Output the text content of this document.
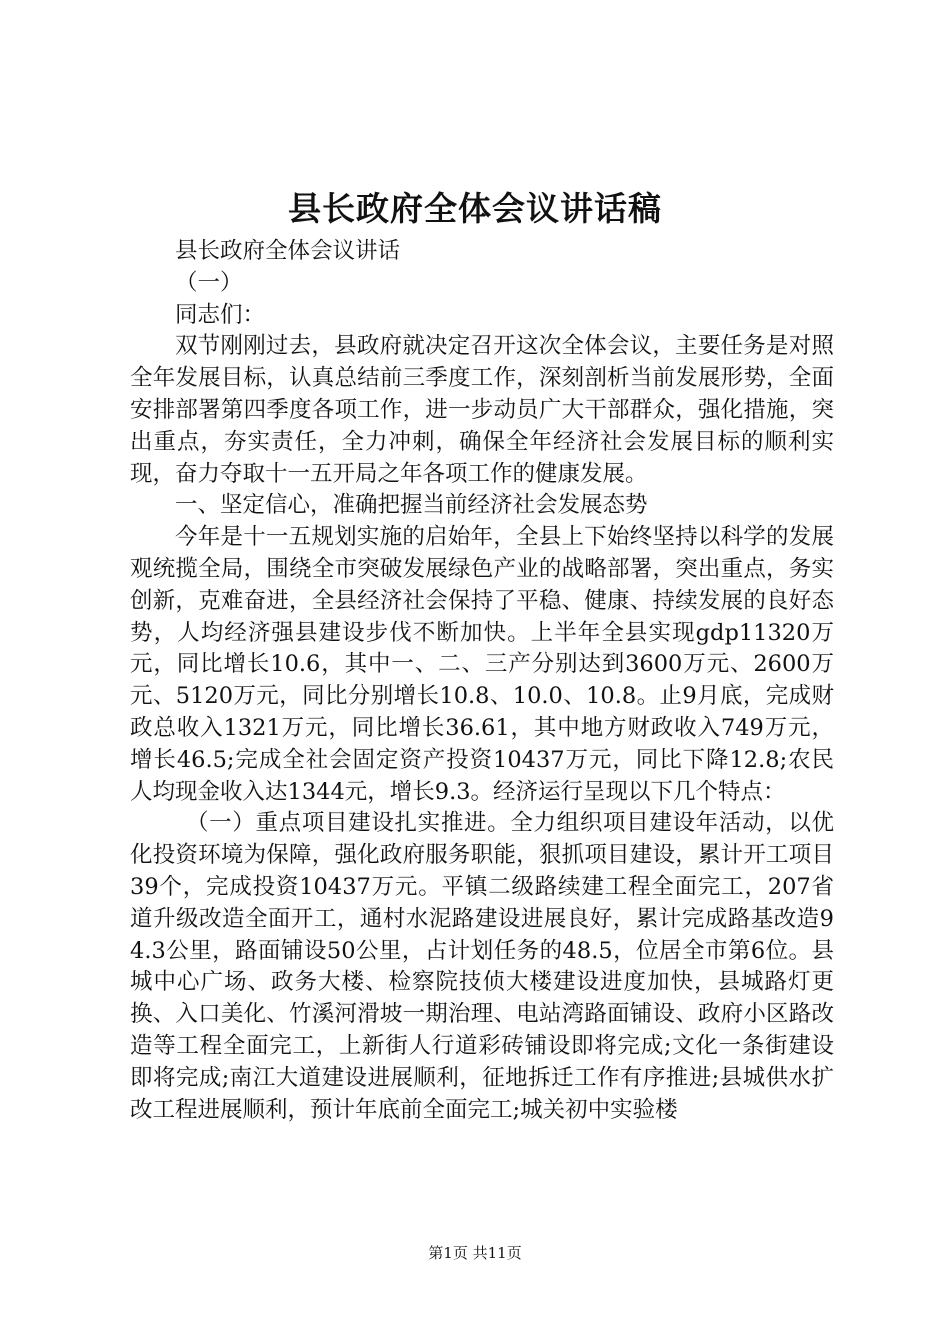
县长政府全体会议讲话稿

县长政府全体会议讲话

（一）

同志们：

双节刚刚过去，县政府就决定召开这次全体会议，主要任务是对照全年发展目标，认真总结前三季度工作，深刻剖析当前发展形势，全面安排部署第四季度各项工作，进一步动员广大干部群众，强化措施，突出重点，夯实责任，全力冲刺，确保全年经济社会发展目标的顺利实现，奋力夺取十一五开局之年各项工作的健康发展。

一、坚定信心，准确把握当前经济社会发展态势

今年是十一五规划实施的启始年，全县上下始终坚持以科学的发展观统揽全局，围绕全市突破发展绿色产业的战略部署，突出重点，务实创新，克难奋进，全县经济社会保持了平稳、健康、持续发展的良好态势，人均经济强县建设步伐不断加快。上半年全县实现gdp11320万元，同比增长10.6，其中一、二、三产分别达到3600万元、2600万元、5120万元，同比分别增长10.8、10.0、10.8。止9月底，完成财政总收入1321万元，同比增长36.61，其中地方财政收入749万元，增长46.5;完成全社会固定资产投资10437万元，同比下降12.8;农民人均现金收入达1344元，增长9.3。经济运行呈现以下几个特点：

（一）重点项目建设扎实推进。全力组织项目建设年活动，以优化投资环境为保障，强化政府服务职能，狠抓项目建设，累计开工项目39个，完成投资10437万元。平镇二级路续建工程全面完工，207省道升级改造全面开工，通村水泥路建设进展良好，累计完成路基改造94.3公里，路面铺设50公里，占计划任务的48.5，位居全市第6位。县城中心广场、政务大楼、检察院技侦大楼建设进度加快，县城路灯更换、入口美化、竹溪河滑坡一期治理、电站湾路面铺设、政府小区路改造等工程全面完工，上新街人行道彩砖铺设即将完成;文化一条街建设即将完成;南江大道建设进展顺利，征地拆迁工作有序推进;县城供水扩改工程进展顺利，预计年底前全面完工;城关初中实验楼

第1页 共11页
